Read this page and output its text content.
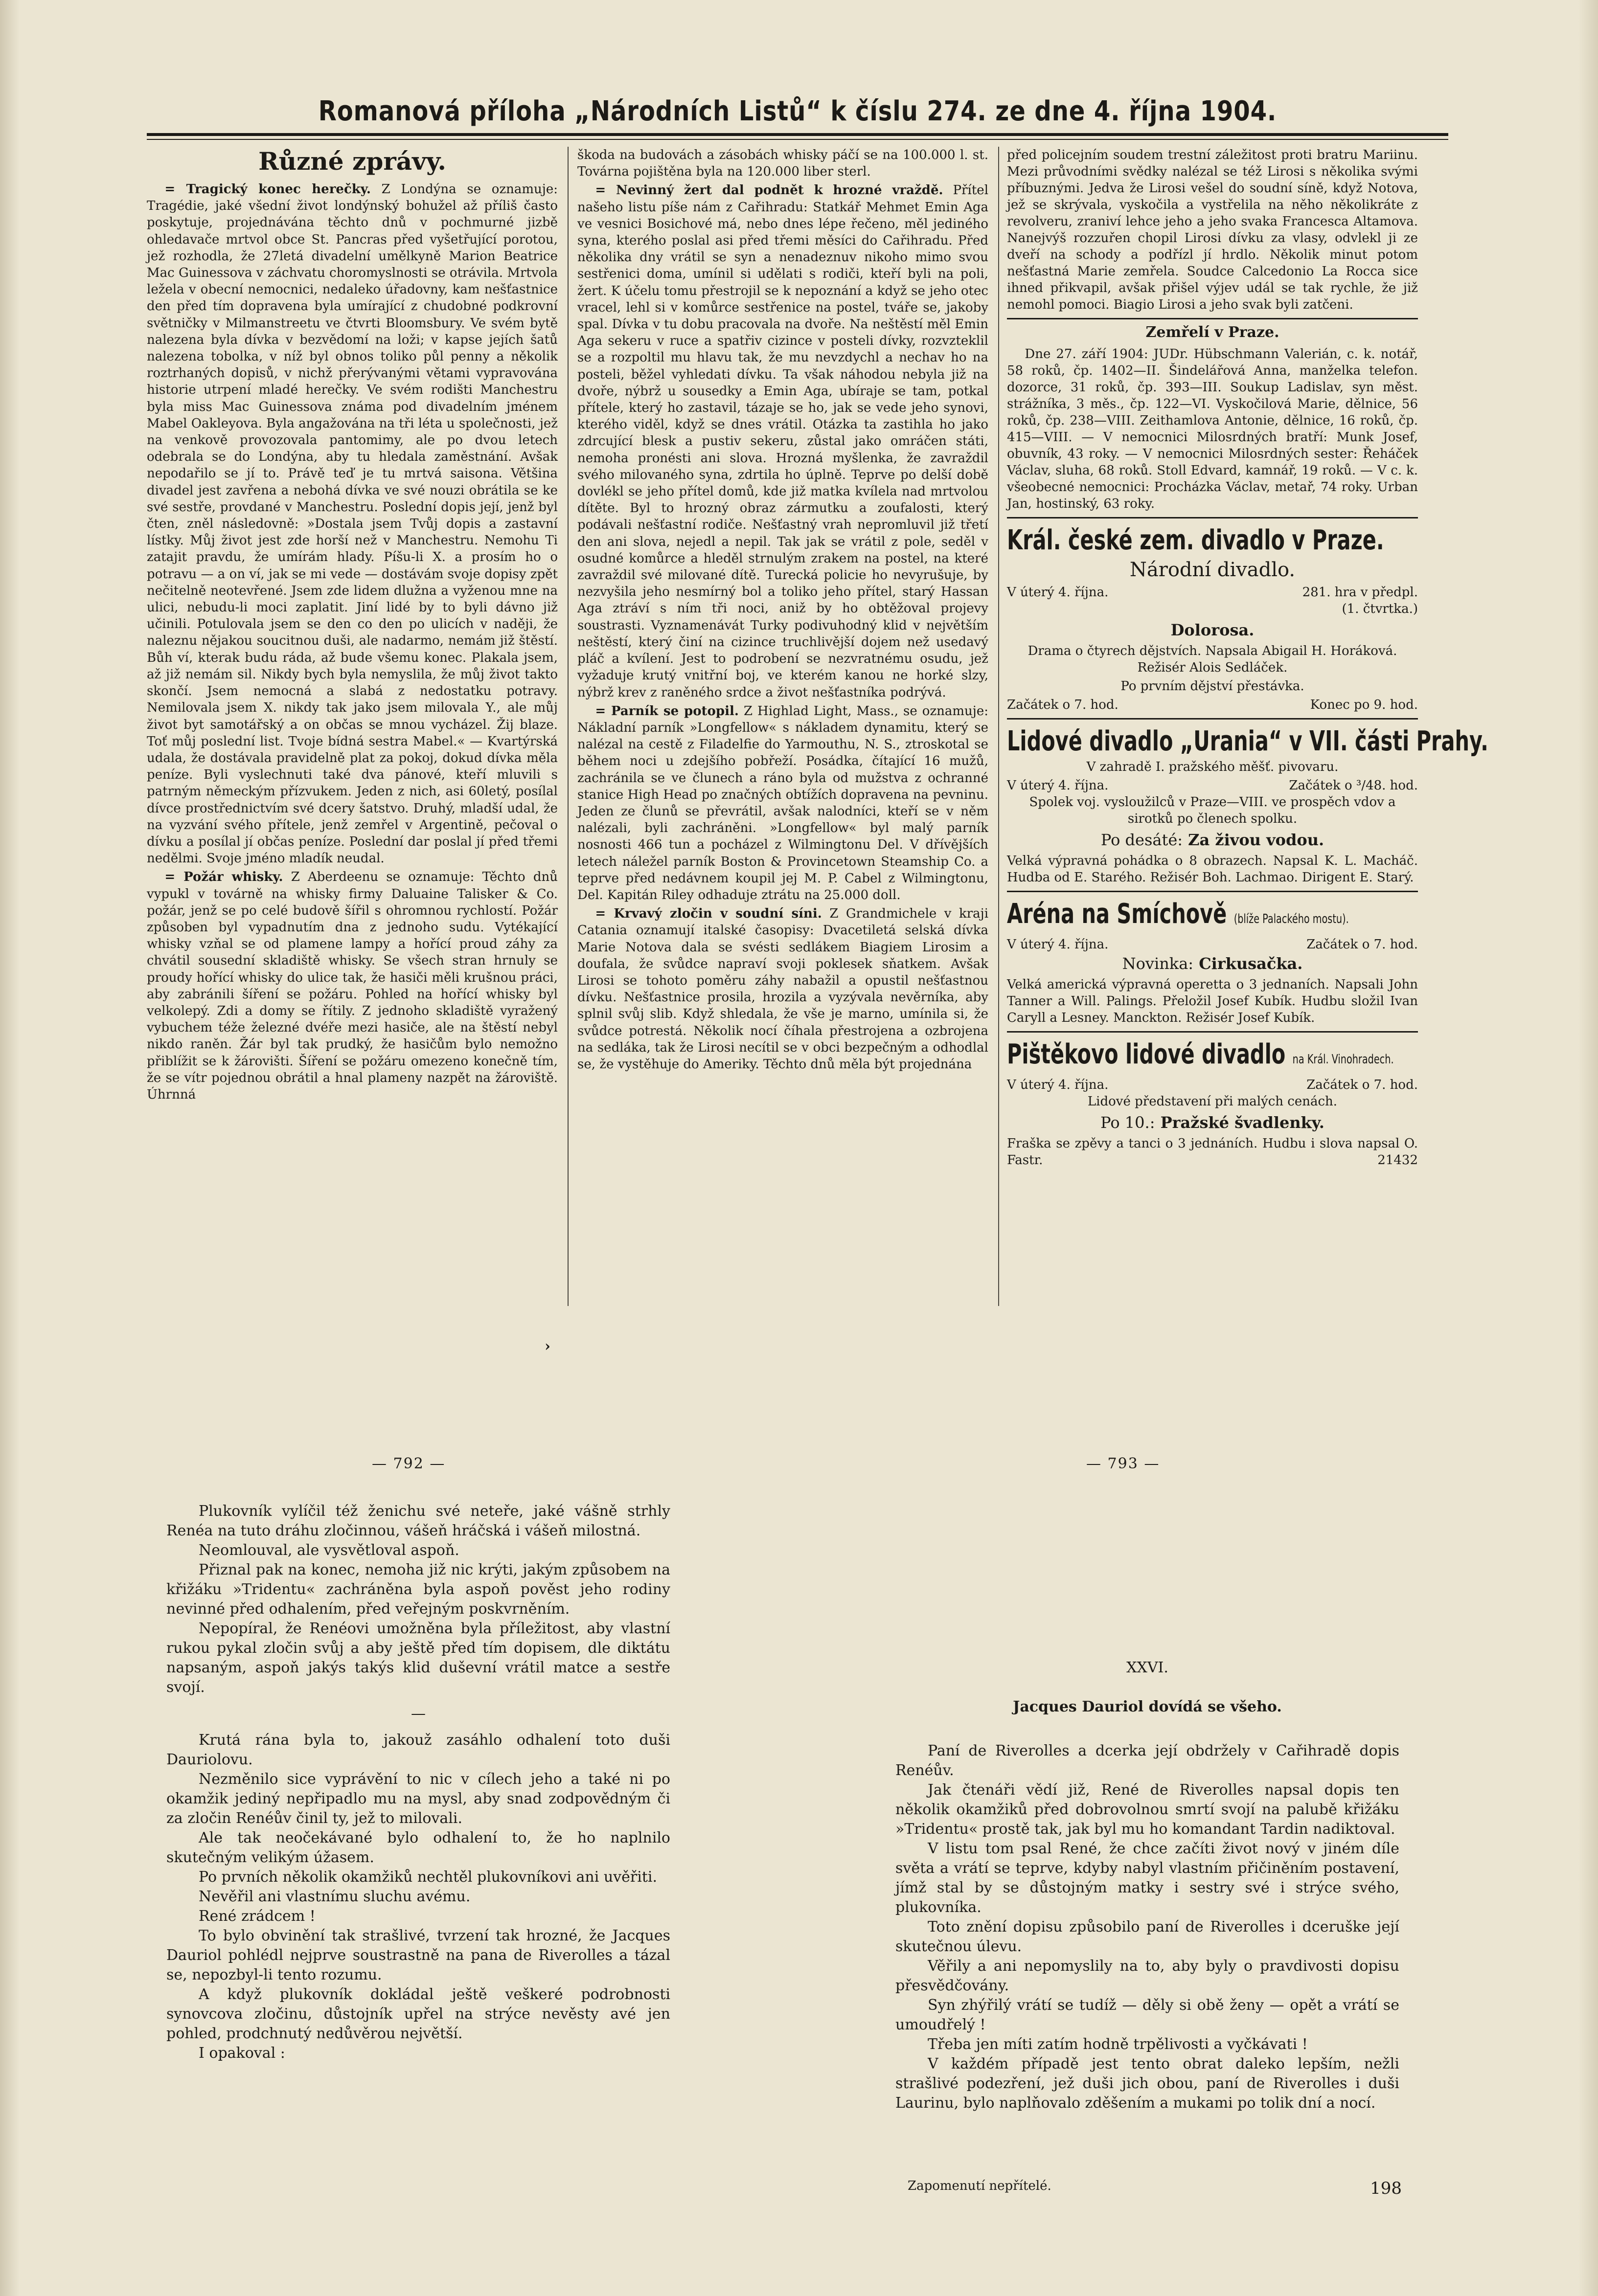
Romanová příloha „Národních Listů“ k číslu 274. ze dne 4. října 1904.
Různé zprávy.

= Tragický konec herečky. Z Londýna se oznamuje: Tragédie, jaké všední život londýnský bohužel až příliš často poskytuje, projednávána těchto dnů v pochmurné jizbě ohledavače mrtvol obce St. Pancras před vyšetřující porotou, jež rozhodla, že 27letá divadelní umělkyně Marion Beatrice Mac Guinessova v záchvatu choromyslnosti se otrávila. Mrtvola ležela v obecní nemocnici, nedaleko úřadovny, kam nešťastnice den před tím dopravena byla umírající z chudobné podkrovní světničky v Milmanstreetu ve čtvrti Bloomsbury. Ve svém bytě nalezena byla dívka v bezvědomí na loži; v kapse jejích šatů nalezena tobolka, v níž byl obnos toliko půl penny a několik roztrhaných dopisů, v nichž přerývanými větami vypravována historie utrpení mladé herečky. Ve svém rodišti Manchestru byla miss Mac Guinessova známa pod divadelním jménem Mabel Oakleyova. Byla angažována na tři léta u společnosti, jež na venkově provozovala pantomimy, ale po dvou letech odebrala se do Londýna, aby tu hledala zaměstnání. Avšak nepodařilo se jí to. Právě teď je tu mrtvá saisona. Většina divadel jest zavřena a nebohá dívka ve své nouzi obrátila se ke své sestře, provdané v Manchestru. Poslední dopis její, jenž byl čten, zněl následovně: »Dostala jsem Tvůj dopis a zastavní lístky. Můj život jest zde horší než v Manchestru. Nemohu Ti zatajit pravdu, že umírám hlady. Píšu-li X. a prosím ho o potravu — a on ví, jak se mi vede — dostávám svoje dopisy zpět nečitelně neotevřené. Jsem zde lidem dlužna a vyženou mne na ulici, nebudu-li moci zaplatit. Jiní lidé by to byli dávno již učinili. Potulovala jsem se den co den po ulicích v naději, že naleznu nějakou soucitnou duši, ale nadarmo, nemám již štěstí. Bůh ví, kterak budu ráda, až bude všemu konec. Plakala jsem, až již nemám sil. Nikdy bych byla nemyslila, že můj život takto skončí. Jsem nemocná a slabá z nedostatku potravy. Nemilovala jsem X. nikdy tak jako jsem milovala Y., ale můj život byt samotářský a on občas se mnou vycházel. Žij blaze. Toť můj poslední list. Tvoje bídná sestra Mabel.« — Kvartýrská udala, že dostávala pravidelně plat za pokoj, dokud dívka měla peníze. Byli vyslechnuti také dva pánové, kteří mluvili s patrným německým přízvukem. Jeden z nich, asi 60letý, posílal dívce prostřednictvím své dcery šatstvo. Druhý, mladší udal, že na vyzvání svého přítele, jenž zemřel v Argentině, pečoval o dívku a posílal jí občas peníze. Poslední dar poslal jí před třemi nedělmi. Svoje jméno mladík neudal.

= Požár whisky. Z Aberdeenu se oznamuje: Těchto dnů vypukl v továrně na whisky firmy Daluaine Talisker & Co. požár, jenž se po celé budově šířil s ohromnou rychlostí. Požár způsoben byl vypadnutím dna z jednoho sudu. Vytékající whisky vzňal se od plamene lampy a hořící proud záhy za chvátil sousední skladiště whisky. Se všech stran hrnuly se proudy hořící whisky do ulice tak, že hasiči měli krušnou práci, aby zabránili šíření se požáru. Pohled na hořící whisky byl velkolepý. Zdi a domy se řítily. Z jednoho skladiště vyražený vybuchem téže železné dvéře mezi hasiče, ale na štěstí nebyl nikdo raněn. Žár byl tak prudký, že hasičům bylo nemožno přiblížit se k žárovišti. Šíření se požáru omezeno konečně tím, že se vítr pojednou obrátil a hnal plameny nazpět na žároviště. Úhrnná

škoda na budovách a zásobách whisky páčí se na 100.000 l. st. Továrna pojištěna byla na 120.000 liber sterl.

= Nevinný žert dal podnět k hrozné vraždě. Přítel našeho listu píše nám z Cařihradu: Statkář Mehmet Emin Aga ve vesnici Bosichové má, nebo dnes lépe řečeno, měl jediného syna, kterého poslal asi před třemi měsíci do Cařihradu. Před několika dny vrátil se syn a nenadeznuv nikoho mimo svou sestřenici doma, umínil si udělati s rodiči, kteří byli na poli, žert. K účelu tomu přestrojil se k nepoznání a když se jeho otec vracel, lehl si v komůrce sestřenice na postel, tváře se, jakoby spal. Dívka v tu dobu pracovala na dvoře. Na neštěstí měl Emin Aga sekeru v ruce a spatřiv cizince v posteli dívky, rozvzteklil se a rozpoltil mu hlavu tak, že mu nevzdychl a nechav ho na posteli, běžel vyhledati dívku. Ta však náhodou nebyla již na dvoře, nýbrž u sousedky a Emin Aga, ubíraje se tam, potkal přítele, který ho zastavil, tázaje se ho, jak se vede jeho synovi, kterého viděl, když se dnes vrátil. Otázka ta zastihla ho jako zdrcující blesk a pustiv sekeru, zůstal jako omráčen státi, nemoha pronésti ani slova. Hrozná myšlenka, že zavraždil svého milovaného syna, zdrtila ho úplně. Teprve po delší době dovlékl se jeho přítel domů, kde již matka kvílela nad mrtvolou dítěte. Byl to hrozný obraz zármutku a zoufalosti, který podávali nešťastní rodiče. Nešťastný vrah nepromluvil již třetí den ani slova, nejedl a nepil. Tak jak se vrátil z pole, seděl v osudné komůrce a hleděl strnulým zrakem na postel, na které zavraždil své milované dítě. Turecká policie ho nevyrušuje, by nezvyšila jeho nesmírný bol a toliko jeho přítel, starý Hassan Aga ztráví s ním tři noci, aniž by ho obtěžoval projevy soustrasti. Vyznamenávát Turky podivuhodný klid v největším neštěstí, který činí na cizince truchlivější dojem než usedavý pláč a kvílení. Jest to podrobení se nezvratnému osudu, jež vyžaduje krutý vnitřní boj, ve kterém kanou ne horké slzy, nýbrž krev z raněného srdce a život nešťastníka podrývá.

= Parník se potopil. Z Highlad Light, Mass., se oznamuje: Nákladní parník »Longfellow« s nákladem dynamitu, který se nalézal na cestě z Filadelfie do Yarmouthu, N. S., ztroskotal se během noci u zdejšího pobřeží. Posádka, čítající 16 mužů, zachránila se ve člunech a ráno byla od mužstva z ochranné stanice High Head po značných obtížích dopravena na pevninu. Jeden ze člunů se převrátil, avšak nalodníci, kteří se v něm nalézali, byli zachráněni. »Longfellow« byl malý parník nosnosti 466 tun a pocházel z Wilmingtonu Del. V dřívějších letech náležel parník Boston & Provincetown Steamship Co. a teprve před nedávnem koupil jej M. P. Cabel z Wilmingtonu, Del. Kapitán Riley odhaduje ztrátu na 25.000 doll.

= Krvavý zločin v soudní síni. Z Grandmichele v kraji Catania oznamují italské časopisy: Dvacetiletá selská dívka Marie Notova dala se svésti sedlákem Biagiem Lirosim a doufala, že svůdce napraví svoji poklesek sňatkem. Avšak Lirosi se tohoto poměru záhy nabažil a opustil nešťastnou dívku. Nešťastnice prosila, hrozila a vyzývala nevěrníka, aby splnil svůj slib. Když shledala, že vše je marno, umínila si, že svůdce potrestá. Několik nocí číhala přestrojena a ozbrojena na sedláka, tak že Lirosi necítil se v obci bezpečným a odhodlal se, že vystěhuje do Ameriky. Těchto dnů měla být projednána

před policejním soudem trestní záležitost proti bratru Mariinu. Mezi průvodními svědky nalézal se též Lirosi s několika svými příbuznými. Jedva že Lirosi vešel do soudní síně, když Notova, jež se skrývala, vyskočila a vystřelila na něho několikráte z revolveru, zraniví lehce jeho a jeho svaka Francesca Altamova. Nanejvýš rozzuřen chopil Lirosi dívku za vlasy, odvlekl ji ze dveří na schody a podřízl jí hrdlo. Několik minut potom nešťastná Marie zemřela. Soudce Calcedonio La Rocca sice ihned přikvapil, avšak přišel výjev udál se tak rychle, že již nemohl pomoci. Biagio Lirosi a jeho svak byli zatčeni.

Zemřelí v Praze.

Dne 27. září 1904: JUDr. Hübschmann Valerián, c. k. notář, 58 roků, čp. 1402—II. Šindelářová Anna, manželka telefon. dozorce, 31 roků, čp. 393—III. Soukup Ladislav, syn měst. strážníka, 3 měs., čp. 122—VI. Vyskočilová Marie, dělnice, 56 roků, čp. 238—VIII. Zeithamlova Antonie, dělnice, 16 roků, čp. 415—VIII. — V nemocnici Milosrdných bratří: Munk Josef, obuvník, 43 roky. — V nemocnici Milosrdných sester: Řeháček Václav, sluha, 68 roků. Stoll Edvard, kamnář, 19 roků. — V c. k. všeobecné nemocnici: Procházka Václav, metař, 74 roky. Urban Jan, hostinský, 63 roky.

Král. české zem. divadlo v Praze.

Národní divadlo.

V úterý 4. října.	281. hra v předpl.

(1. čtvrtka.)

Dolorosa.

Drama o čtyrech dějstvích. Napsala Abigail H. Horáková. Režisér Alois Sedláček.

Po prvním dějství přestávka.

Začátek o 7. hod.	Konec po 9. hod.

Lidové divadlo „Urania“ v VII. části Prahy.

V zahradě I. pražského měšť. pivovaru.

V úterý 4. října.	Začátek o ³/48. hod.

Spolek voj. vysloužilců v Praze—VIII. ve prospěch vdov a sirotků po členech spolku.

Po desáté: Za živou vodou.

Velká výpravná pohádka o 8 obrazech. Napsal K. L. Macháč. Hudba od E. Starého. Režisér Boh. Lachmao. Dirigent E. Starý.

Aréna na Smíchově (blíže Palackého mostu).

V úterý 4. října.	Začátek o 7. hod.

Novinka: Cirkusačka.

Velká americká výpravná operetta o 3 jednaních. Napsali John Tanner a Will. Palings. Přeložil Josef Kubík. Hudbu složil Ivan Caryll a Lesney. Manckton. Režisér Josef Kubík.

Pištěkovo lidové divadlo na Král. Vinohradech.

V úterý 4. října.	Začátek o 7. hod.

Lidové představení při malých cenách.

Po 10.: Pražské švadlenky.

Fraška se zpěvy a tanci o 3 jednáních. Hudbu i slova napsal O. Fastr.	21432

›
— 792 —

Plukovník vylíčil též ženichu své neteře, jaké vášně strhly Renéa na tuto dráhu zločinnou, vášeň hráčská i vášeň milostná.

Neomlouval, ale vysvětloval aspoň.

Přiznal pak na konec, nemoha již nic krýti, jakým způsobem na křižáku »Tridentu« zachráněna byla aspoň pověst jeho rodiny nevinné před odhalením, před veřejným poskvrněním.

Nepopíral, že Renéovi umožněna byla příležitost, aby vlastní rukou pykal zločin svůj a aby ještě před tím dopisem, dle diktátu napsaným, aspoň jakýs takýs klid duševní vrátil matce a sestře svojí.

—

Krutá rána byla to, jakouž zasáhlo odhalení toto duši Dauriolovu.

Nezměnilo sice vyprávění to nic v cílech jeho a také ni po okamžik jediný nepřipadlo mu na mysl, aby snad zodpovědným či za zločin Renéův činil ty, jež to milovali.

Ale tak neočekávané bylo odhalení to, že ho naplnilo skutečným velikým úžasem.

Po prvních několik okamžiků nechtěl plukovníkovi ani uvěřiti.

Nevěřil ani vlastnímu sluchu avému.

René zrádcem !

To bylo obvinění tak strašlivé, tvrzení tak hrozné, že Jacques Dauriol pohlédl nejprve soustrastně na pana de Riverolles a tázal se, nepozbyl-li tento rozumu.

A když plukovník dokládal ještě veškeré podrobnosti synovcova zločinu, důstojník upřel na strýce nevěsty avé jen pohled, prodchnutý nedůvěrou největší.

I opakoval :

— 793 —

XXVI.

Jacques Dauriol dovídá se všeho.

Paní de Riverolles a dcerka její obdržely v Cařihradě dopis Renéův.

Jak čtenáři vědí již, René de Riverolles napsal dopis ten několik okamžiků před dobrovolnou smrtí svojí na palubě křižáku »Tridentu« prostě tak, jak byl mu ho komandant Tardin nadiktoval.

V listu tom psal René, že chce začíti život nový v jiném díle světa a vrátí se teprve, kdyby nabyl vlastním přičiněním postavení, jímž stal by se důstojným matky i sestry své i strýce svého, plukovníka.

Toto znění dopisu způsobilo paní de Riverolles i dceruške její skutečnou úlevu.

Věřily a ani nepomyslily na to, aby byly o pravdivosti dopisu přesvědčovány.

Syn zhýřilý vrátí se tudíž — děly si obě ženy — opět a vrátí se umoudřelý !

Třeba jen míti zatím hodně trpělivosti a vyčkávati !

V každém případě jest tento obrat daleko lepším, nežli strašlivé podezření, jež duši jich obou, paní de Riverolles i duši Laurinu, bylo naplňovalo zděšením a mukami po tolik dní a nocí.

Zapomenutí nepřítelé.	198
